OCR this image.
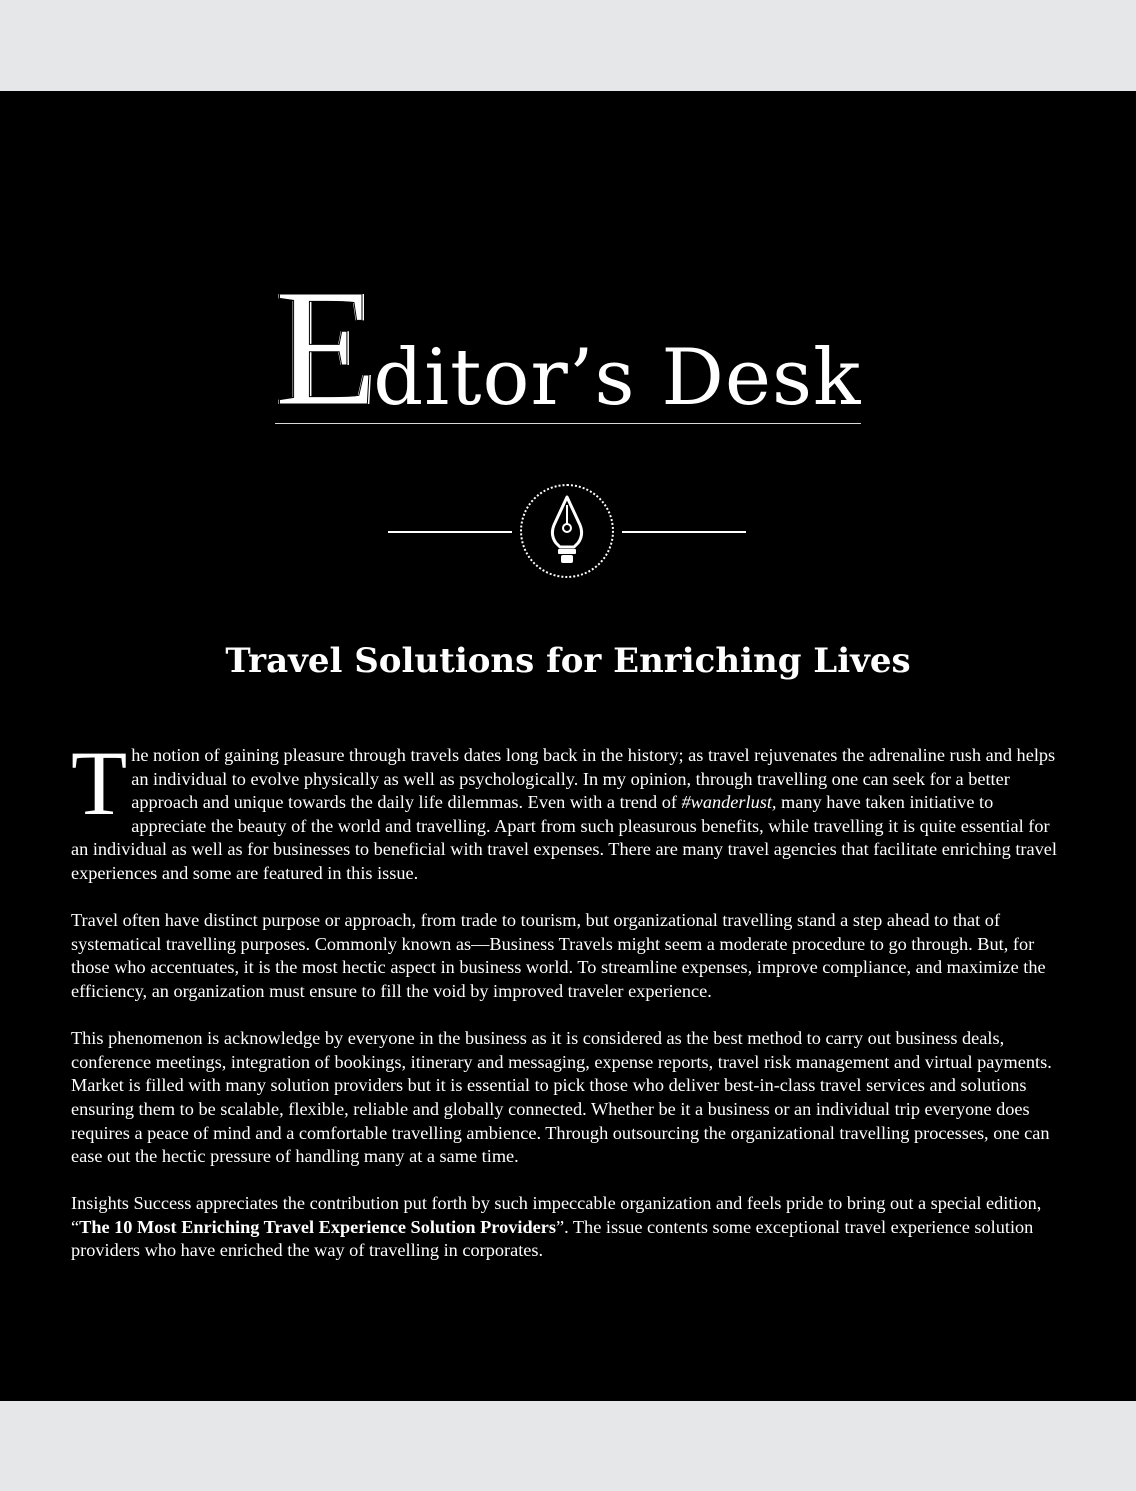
Editor’s Desk
Travel Solutions for Enriching Lives

The notion of gaining pleasure through travels dates long back in the history; as travel rejuvenates the adrenaline rush and helps an individual to evolve physically as well as psychologically. In my opinion, through travelling one can seek for a better approach and unique towards the daily life dilemmas. Even with a trend of #wanderlust, many have taken initiative to appreciate the beauty of the world and travelling. Apart from such pleasurous benefits, while travelling it is quite essential for an individual as well as for businesses to beneficial with travel expenses. There are many travel agencies that facilitate enriching travel experiences and some are featured in this issue.

Travel often have distinct purpose or approach, from trade to tourism, but organizational travelling stand a step ahead to that of systematical travelling purposes. Commonly known as—Business Travels might seem a moderate procedure to go through. But, for those who accentuates, it is the most hectic aspect in business world. To streamline expenses, improve compliance, and maximize the efficiency, an organization must ensure to fill the void by improved traveler experience.

This phenomenon is acknowledge by everyone in the business as it is considered as the best method to carry out business deals, conference meetings, integration of bookings, itinerary and messaging, expense reports, travel risk management and virtual payments. Market is filled with many solution providers but it is essential to pick those who deliver best-in-class travel services and solutions ensuring them to be scalable, flexible, reliable and globally connected. Whether be it a business or an individual trip everyone does requires a peace of mind and a comfortable travelling ambience. Through outsourcing the organizational travelling processes, one can ease out the hectic pressure of handling many at a same time.

Insights Success appreciates the contribution put forth by such impeccable organization and feels pride to bring out a special edition, “The 10 Most Enriching Travel Experience Solution Providers”. The issue contents some exceptional travel experience solution providers who have enriched the way of travelling in corporates.
